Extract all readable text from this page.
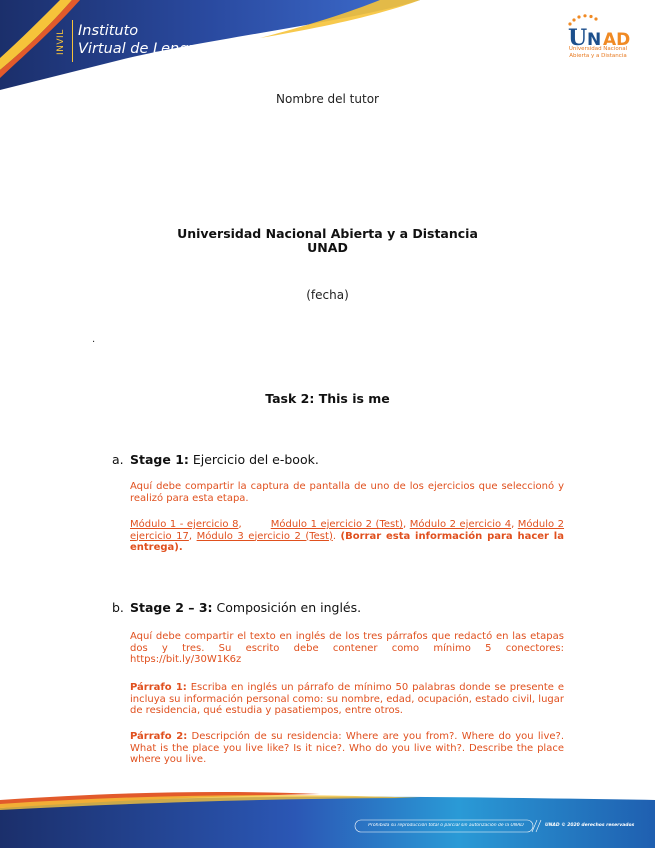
INVIL Instituto
Virtual de Lenguas	U N AD
Universidad Nacional
Abierta y a Distancia
Nombre del tutor
Universidad Nacional Abierta y a Distancia
UNAD
(fecha)
.
Task 2: This is me
a. Stage 1: Ejercicio del e-book.
Aquí debe compartir la captura de pantalla de uno de los ejercicios que seleccionó y realizó para esta etapa.
Módulo 1 - ejercicio 8,	Módulo 1 ejercicio 2 (Test), Módulo 2 ejercicio 4, Módulo 2 ejercicio 17, Módulo 3 ejercicio 2 (Test). (Borrar esta información para hacer la entrega).
b. Stage 2 – 3: Composición en inglés.
Aquí debe compartir el texto en inglés de los tres párrafos que redactó en las etapas dos y tres. Su escrito debe contener como mínimo 5 conectores: https://bit.ly/30W1K6z
Párrafo 1: Escriba en inglés un párrafo de mínimo 50 palabras donde se presente e incluya su información personal como: su nombre, edad, ocupación, estado civil, lugar de residencia, qué estudia y pasatiempos, entre otros.
Párrafo 2: Descripción de su residencia: Where are you from?. Where do you live?. What is the place you live like? Is it nice?. Who do you live with?. Describe the place where you live.
Prohibida su reproducción total o parcial sin autorización de la UNAD	UNAD © 2020 derechos reservados
